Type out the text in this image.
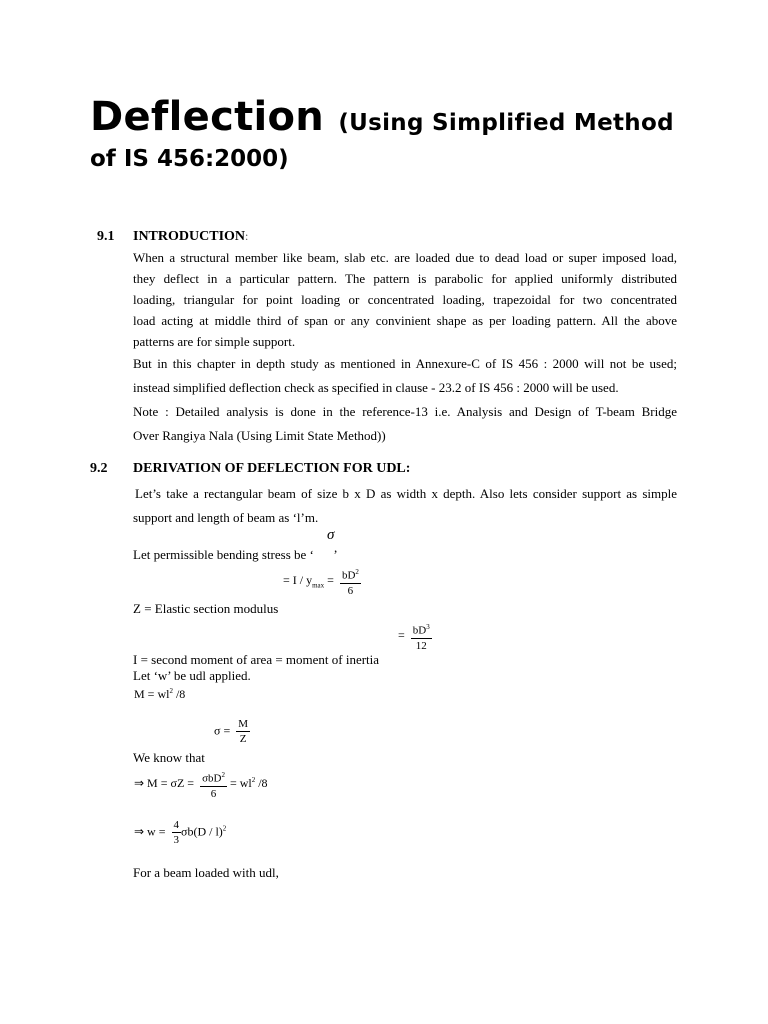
Deflection (Using Simplified Method
of IS 456:2000)
9.1 INTRODUCTION:
When a structural member like beam, slab etc. are loaded due to dead load or super imposed load,
they deflect in a particular pattern. The pattern is parabolic for applied uniformly distributed
loading, triangular for point loading or concentrated loading, trapezoidal for two concentrated
load acting at middle third of span or any convinient shape as per loading pattern. All the above
patterns are for simple support.
But in this chapter in depth study as mentioned in Annexure-C of IS 456 : 2000 will not be used;
instead simplified deflection check as specified in clause - 23.2 of IS 456 : 2000 will be used.
Note : Detailed analysis is done in the reference-13 i.e. Analysis and Design of T-beam Bridge
Over Rangiya Nala (Using Limit State Method))
9.2 DERIVATION OF DEFLECTION FOR UDL:
Let’s take a rectangular beam of size b x D as width x depth. Also lets consider support as simple
support and length of beam as ‘l’m.
σ
Let permissible bending stress be ‘      ’
= $I / y_{max} = \frac{bD^2}{6}$
Z = Elastic section modulus
= $\frac{bD^3}{12}$
I = second moment of area = moment of inertia
Let ‘w’ be udl applied.
$M = wl^2$ /8
$\sigma = \frac{M}{Z}$
We know that
⇒ $M = \sigma Z = \frac{\sigma bD^2}{6} = wl^2$ /8
⇒ $w = \frac{4}{3} \sigma b(D / l)^2$
For a beam loaded with udl,
